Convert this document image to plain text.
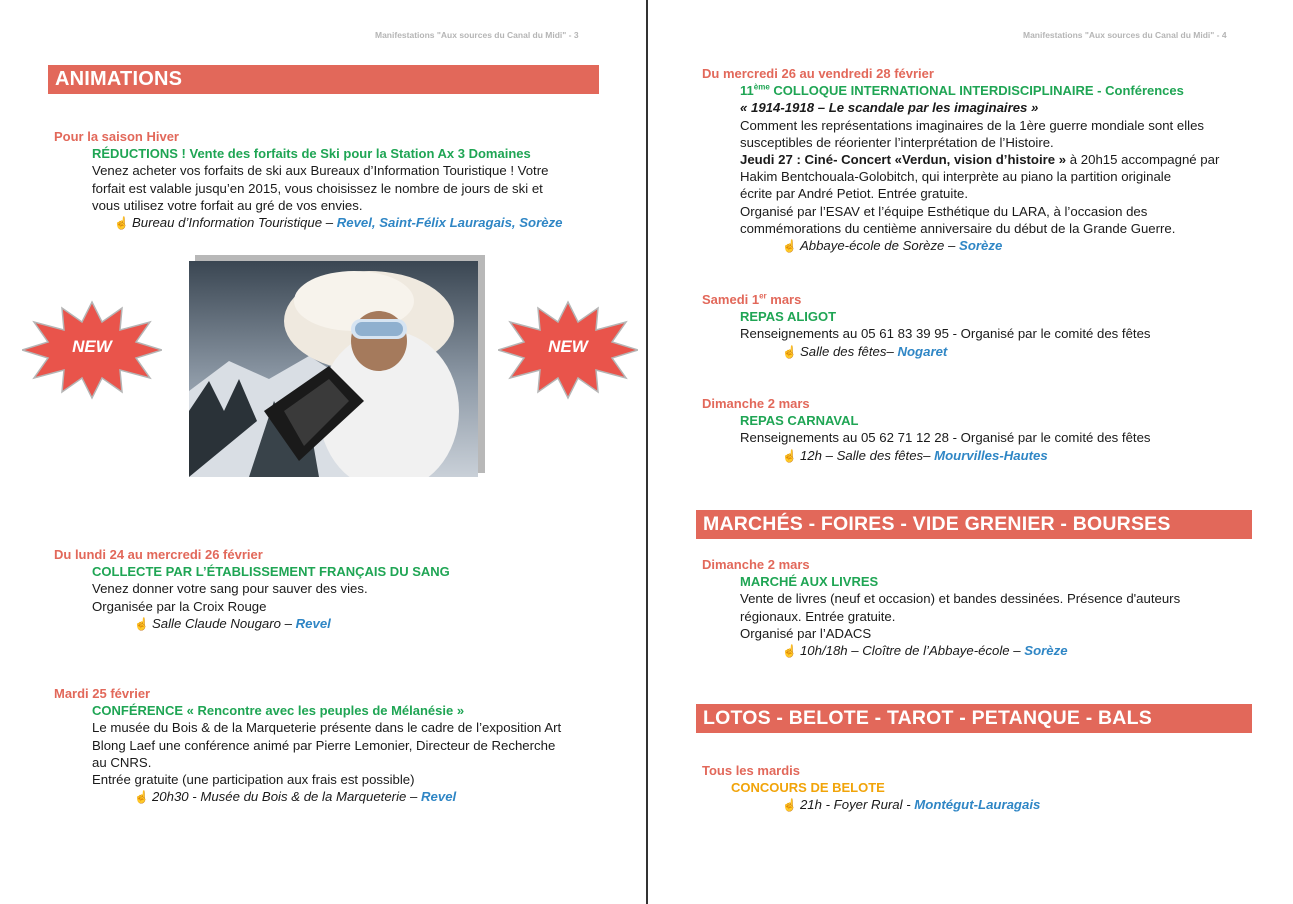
Manifestations "Aux sources du Canal du Midi" - 3	Manifestations "Aux sources du Canal du Midi" - 4
ANIMATIONS
Pour la saison Hiver
RÉDUCTIONS ! Vente des forfaits de Ski pour la Station Ax 3 Domaines
Venez acheter vos forfaits de ski aux Bureaux d’Information Touristique ! Votre
forfait est valable jusqu’en 2015, vous choisissez le nombre de jours de ski et
vous utilisez votre forfait au gré de vos envies.
☝ Bureau d’Information Touristique – Revel, Saint-Félix Lauragais, Sorèze
NEW	NEW
Du lundi 24 au mercredi 26 février
COLLECTE PAR L’ÉTABLISSEMENT FRANÇAIS DU SANG
Venez donner votre sang pour sauver des vies.
Organisée par la Croix Rouge
☝ Salle Claude Nougaro – Revel
Mardi 25 février
CONFÉRENCE « Rencontre avec les peuples de Mélanésie »
Le musée du Bois & de la Marqueterie présente dans le cadre de l’exposition Art
Blong Laef une conférence animé par Pierre Lemonier, Directeur de Recherche
au CNRS.
Entrée gratuite (une participation aux frais est possible)
☝ 20h30 - Musée du Bois & de la Marqueterie – Revel
Du mercredi 26 au vendredi 28 février
11ème COLLOQUE INTERNATIONAL INTERDISCIPLINAIRE - Conférences
« 1914-1918 – Le scandale par les imaginaires »
Comment les représentations imaginaires de la 1ère guerre mondiale sont elles
susceptibles de réorienter l’interprétation de l’Histoire.
Jeudi 27 : Ciné- Concert «Verdun, vision d’histoire » à 20h15 accompagné par
Hakim Bentchouala-Golobitch, qui interprète au piano la partition originale
écrite par André Petiot. Entrée gratuite.
Organisé par l’ESAV et l’équipe Esthétique du LARA, à l’occasion des
commémorations du centième anniversaire du début de la Grande Guerre.
☝ Abbaye-école de Sorèze – Sorèze
Samedi 1er mars
REPAS ALIGOT
Renseignements au 05 61 83 39 95 - Organisé par le comité des fêtes
☝ Salle des fêtes– Nogaret
Dimanche 2 mars
REPAS CARNAVAL
Renseignements au 05 62 71 12 28 - Organisé par le comité des fêtes
☝ 12h – Salle des fêtes– Mourvilles-Hautes
MARCHÉS - FOIRES - VIDE GRENIER - BOURSES
Dimanche 2 mars
MARCHÉ AUX LIVRES
Vente de livres (neuf et occasion) et bandes dessinées. Présence d'auteurs
régionaux. Entrée gratuite.
Organisé par l’ADACS
☝ 10h/18h – Cloître de l’Abbaye-école – Sorèze
LOTOS - BELOTE - TAROT - PETANQUE - BALS
Tous les mardis
CONCOURS DE BELOTE
☝ 21h - Foyer Rural - Montégut-Lauragais
